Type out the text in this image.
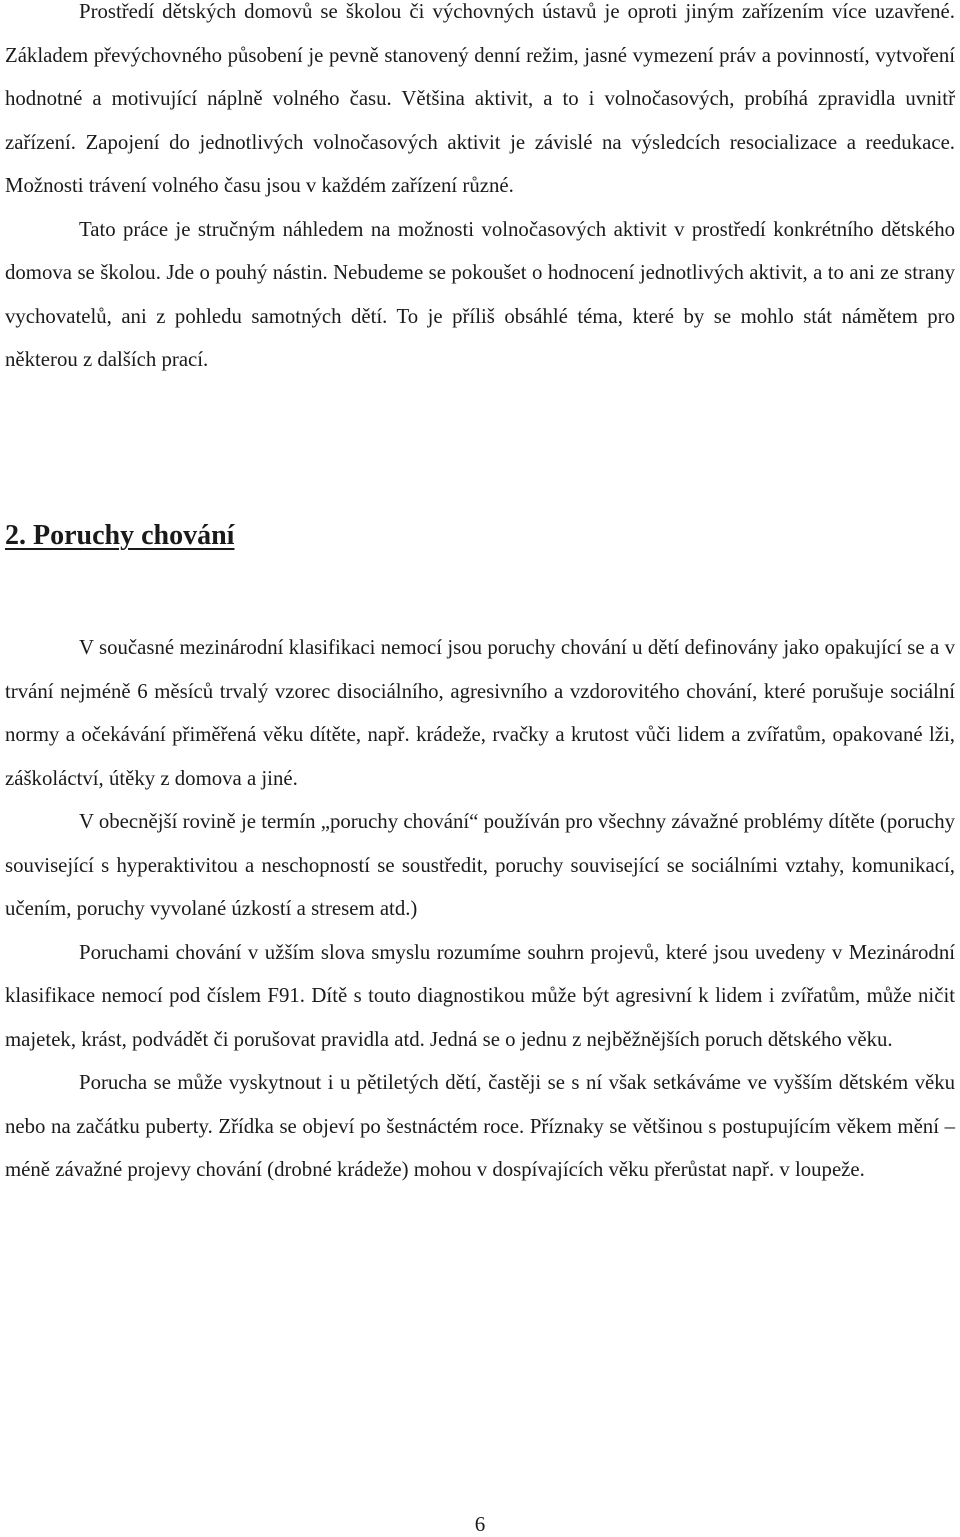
Prostředí dětských domovů se školou či výchovných ústavů je oproti jiným zařízením více uzavřené. Základem převýchovného působení je pevně stanovený denní režim, jasné vymezení práv a povinností, vytvoření hodnotné a motivující náplně volného času. Většina aktivit, a to i volnočasových, probíhá zpravidla uvnitř zařízení. Zapojení do jednotlivých volnočasových aktivit je závislé na výsledcích resocializace a reedukace. Možnosti trávení volného času jsou v každém zařízení různé.

Tato práce je stručným náhledem na možnosti volnočasových aktivit v prostředí konkrétního dětského domova se školou. Jde o pouhý nástin. Nebudeme se pokoušet o hodnocení jednotlivých aktivit, a to ani ze strany vychovatelů, ani z pohledu samotných dětí. To je příliš obsáhlé téma, které by se mohlo stát námětem pro některou z dalších prací.

2. Poruchy chování

V současné mezinárodní klasifikaci nemocí jsou poruchy chování u dětí definovány jako opakující se a v trvání nejméně 6 měsíců trvalý vzorec disociálního, agresivního a vzdorovitého chování, které porušuje sociální normy a očekávání přiměřená věku dítěte, např. krádeže, rvačky a krutost vůči lidem a zvířatům, opakované lži, záškoláctví, útěky z domova a jiné.

V obecnější rovině je termín „poruchy chování“ používán pro všechny závažné problémy dítěte (poruchy související s hyperaktivitou a neschopností se soustředit, poruchy související se sociálními vztahy, komunikací, učením, poruchy vyvolané úzkostí a stresem atd.)

Poruchami chování v užším slova smyslu rozumíme souhrn projevů, které jsou uvedeny v Mezinárodní klasifikace nemocí pod číslem F91. Dítě s touto diagnostikou může být agresivní k lidem i zvířatům, může ničit majetek, krást, podvádět či porušovat pravidla atd. Jedná se o jednu z nejběžnějších poruch dětského věku.

Porucha se může vyskytnout i u pětiletých dětí, častěji se s ní však setkáváme ve vyšším dětském věku nebo na začátku puberty. Zřídka se objeví po šestnáctém roce. Příznaky se většinou s postupujícím věkem mění – méně závažné projevy chování (drobné krádeže) mohou v dospívajících věku přerůstat např. v loupeže.

6
